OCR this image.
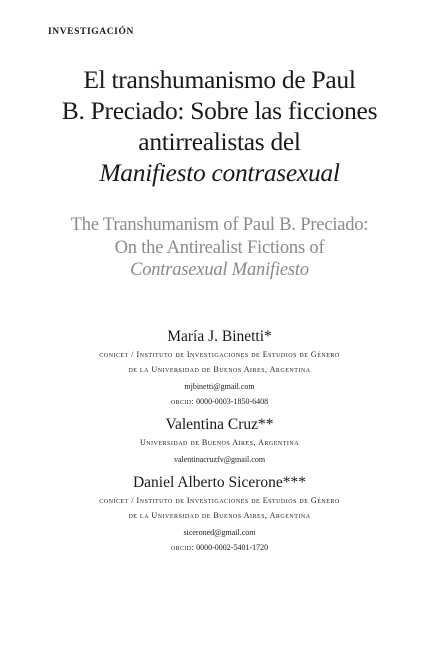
INVESTIGACIÓN
El transhumanismo de Paul
B. Preciado: Sobre las ficciones
antirrealistas del
Manifiesto contrasexual
The Transhumanism of Paul B. Preciado:
On the Antirealist Fictions of
Contrasexual Manifiesto
María J. Binetti*
conicet / Instituto de Investigaciones de Estudios de Género
de la Universidad de Buenos Aires, Argentina
mjbinetti@gmail.com
orcid: 0000-0003-1850-6408
Valentina Cruz**
Universidad de Buenos Aires, Argentina
valentinacruzfv@gmail.com
Daniel Alberto Sicerone***
conicet / Instituto de Investigaciones de Estudios de Género
de la Universidad de Buenos Aires, Argentina
siceroned@gmail.com
orcid: 0000-0002-5401-1720
